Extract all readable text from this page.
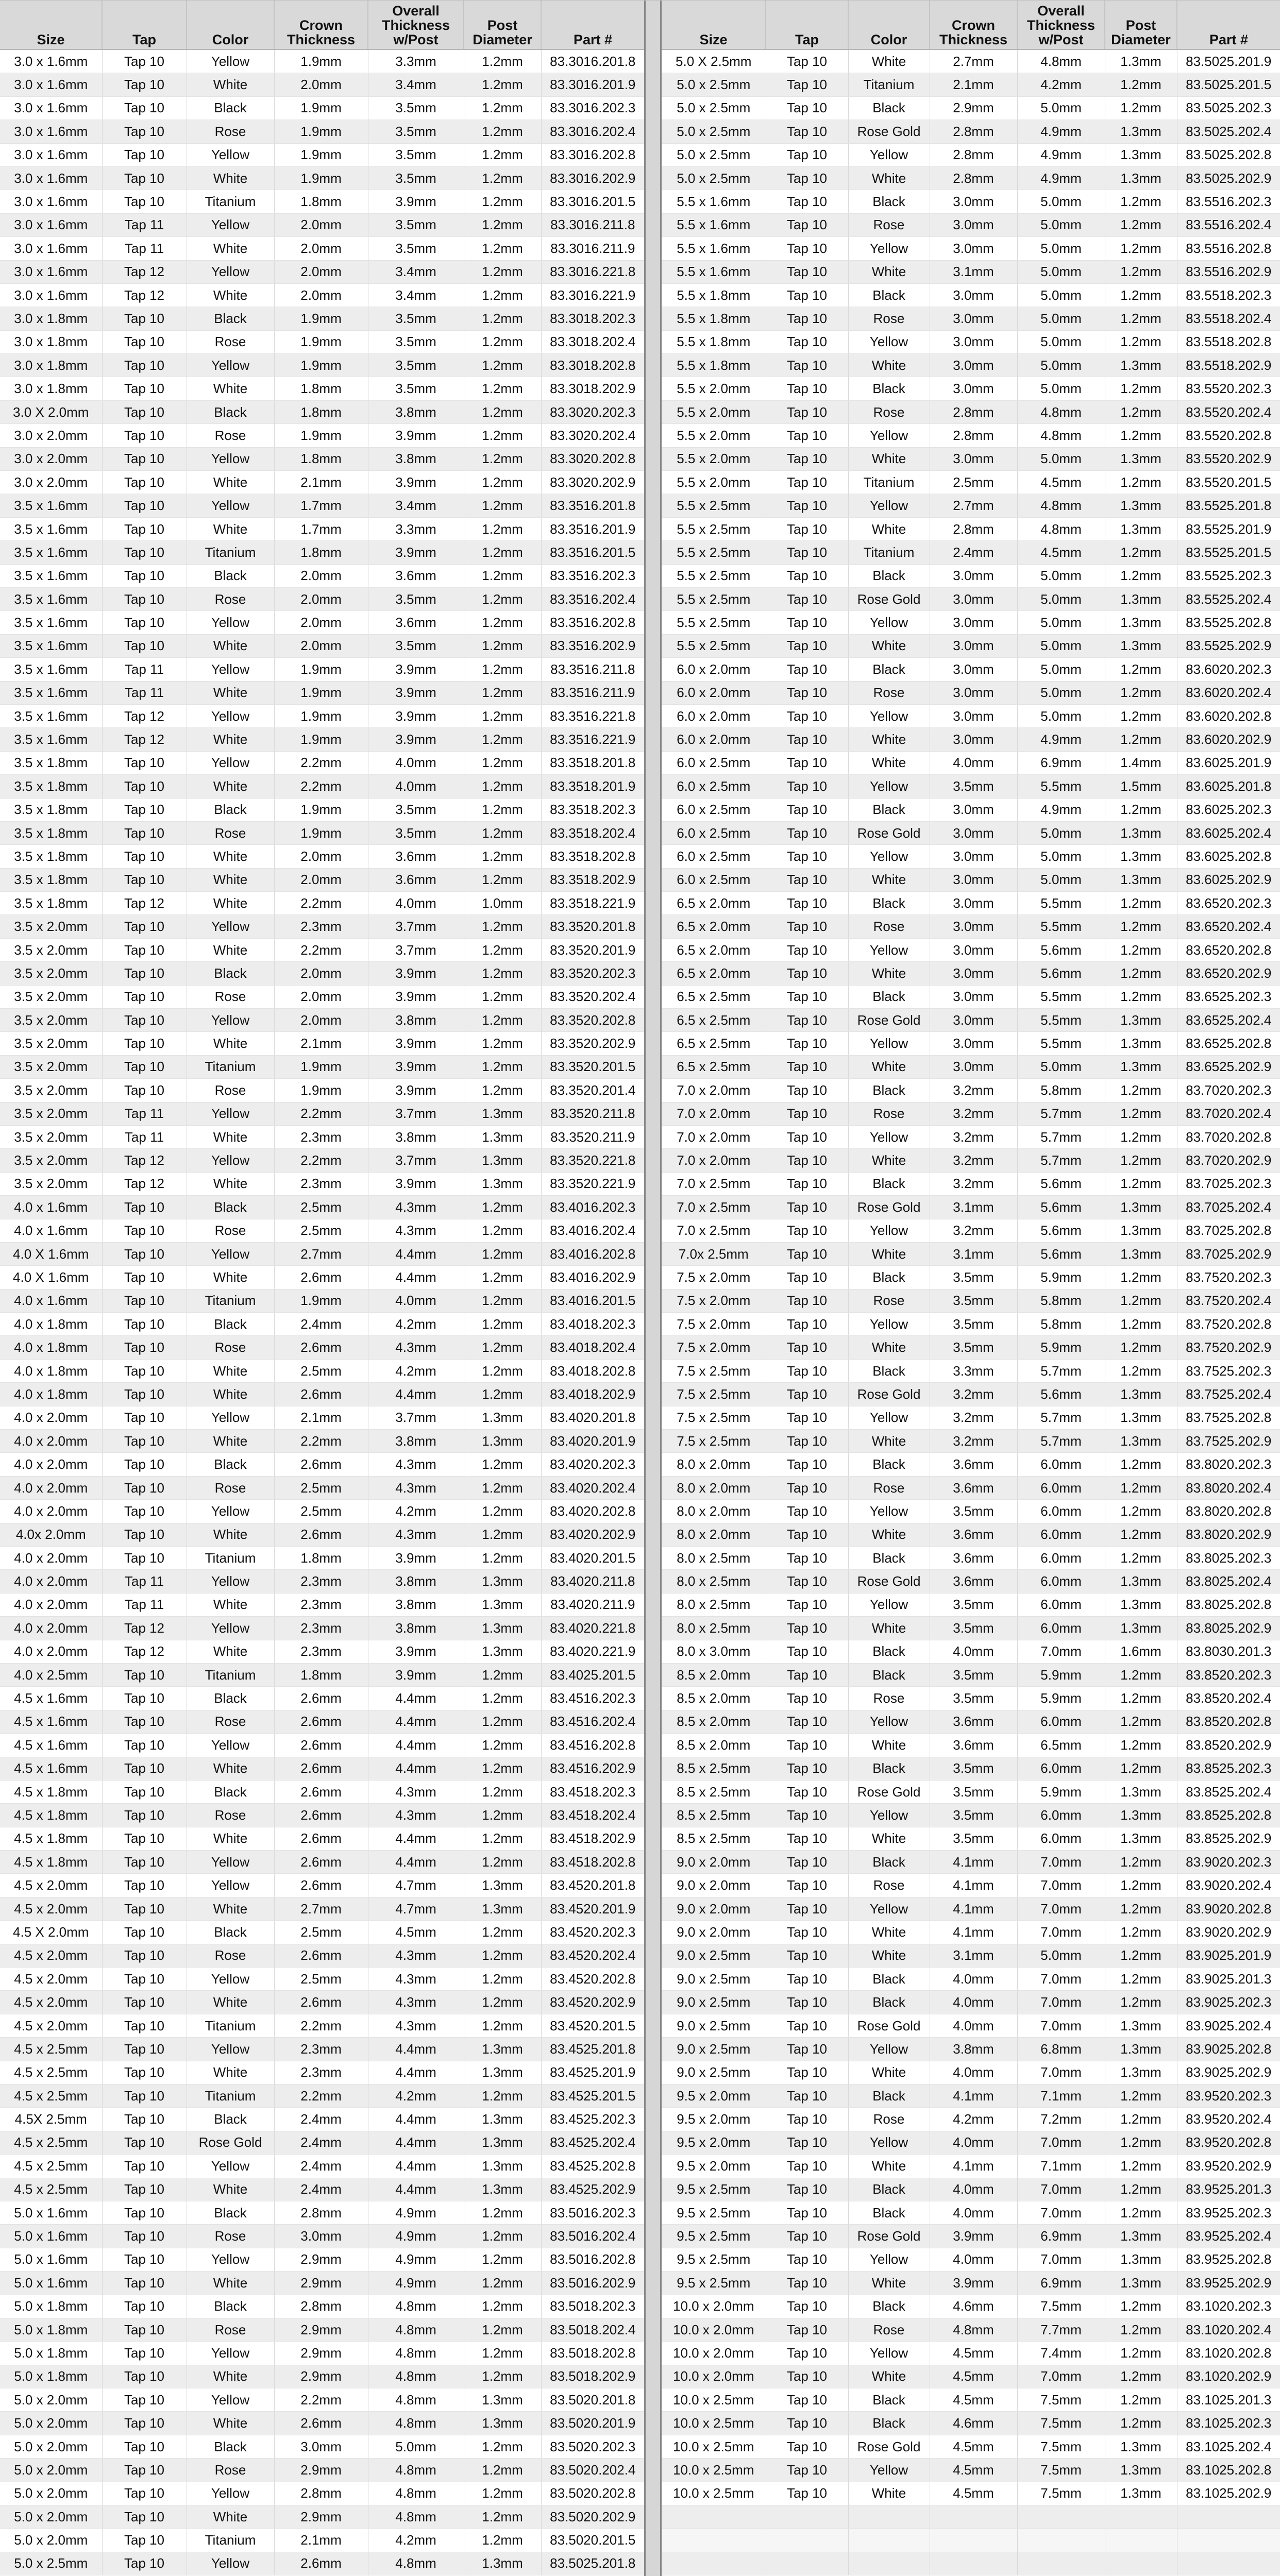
Size	Tap	Color	Crown Thickness	Overall Thickness w/Post	Post Diameter	Part #
3.0 x 1.6mm	Tap 10	Yellow	1.9mm	3.3mm	1.2mm	83.3016.201.8
3.0 x 1.6mm	Tap 10	White	2.0mm	3.4mm	1.2mm	83.3016.201.9
3.0 x 1.6mm	Tap 10	Black	1.9mm	3.5mm	1.2mm	83.3016.202.3
3.0 x 1.6mm	Tap 10	Rose	1.9mm	3.5mm	1.2mm	83.3016.202.4
3.0 x 1.6mm	Tap 10	Yellow	1.9mm	3.5mm	1.2mm	83.3016.202.8
3.0 x 1.6mm	Tap 10	White	1.9mm	3.5mm	1.2mm	83.3016.202.9
3.0 x 1.6mm	Tap 10	Titanium	1.8mm	3.9mm	1.2mm	83.3016.201.5
3.0 x 1.6mm	Tap 11	Yellow	2.0mm	3.5mm	1.2mm	83.3016.211.8
3.0 x 1.6mm	Tap 11	White	2.0mm	3.5mm	1.2mm	83.3016.211.9
3.0 x 1.6mm	Tap 12	Yellow	2.0mm	3.4mm	1.2mm	83.3016.221.8
3.0 x 1.6mm	Tap 12	White	2.0mm	3.4mm	1.2mm	83.3016.221.9
3.0 x 1.8mm	Tap 10	Black	1.9mm	3.5mm	1.2mm	83.3018.202.3
3.0 x 1.8mm	Tap 10	Rose	1.9mm	3.5mm	1.2mm	83.3018.202.4
3.0 x 1.8mm	Tap 10	Yellow	1.9mm	3.5mm	1.2mm	83.3018.202.8
3.0 x 1.8mm	Tap 10	White	1.8mm	3.5mm	1.2mm	83.3018.202.9
3.0 X 2.0mm	Tap 10	Black	1.8mm	3.8mm	1.2mm	83.3020.202.3
3.0 x 2.0mm	Tap 10	Rose	1.9mm	3.9mm	1.2mm	83.3020.202.4
3.0 x 2.0mm	Tap 10	Yellow	1.8mm	3.8mm	1.2mm	83.3020.202.8
3.0 x 2.0mm	Tap 10	White	2.1mm	3.9mm	1.2mm	83.3020.202.9
3.5 x 1.6mm	Tap 10	Yellow	1.7mm	3.4mm	1.2mm	83.3516.201.8
3.5 x 1.6mm	Tap 10	White	1.7mm	3.3mm	1.2mm	83.3516.201.9
3.5 x 1.6mm	Tap 10	Titanium	1.8mm	3.9mm	1.2mm	83.3516.201.5
3.5 x 1.6mm	Tap 10	Black	2.0mm	3.6mm	1.2mm	83.3516.202.3
3.5 x 1.6mm	Tap 10	Rose	2.0mm	3.5mm	1.2mm	83.3516.202.4
3.5 x 1.6mm	Tap 10	Yellow	2.0mm	3.6mm	1.2mm	83.3516.202.8
3.5 x 1.6mm	Tap 10	White	2.0mm	3.5mm	1.2mm	83.3516.202.9
3.5 x 1.6mm	Tap 11	Yellow	1.9mm	3.9mm	1.2mm	83.3516.211.8
3.5 x 1.6mm	Tap 11	White	1.9mm	3.9mm	1.2mm	83.3516.211.9
3.5 x 1.6mm	Tap 12	Yellow	1.9mm	3.9mm	1.2mm	83.3516.221.8
3.5 x 1.6mm	Tap 12	White	1.9mm	3.9mm	1.2mm	83.3516.221.9
3.5 x 1.8mm	Tap 10	Yellow	2.2mm	4.0mm	1.2mm	83.3518.201.8
3.5 x 1.8mm	Tap 10	White	2.2mm	4.0mm	1.2mm	83.3518.201.9
3.5 x 1.8mm	Tap 10	Black	1.9mm	3.5mm	1.2mm	83.3518.202.3
3.5 x 1.8mm	Tap 10	Rose	1.9mm	3.5mm	1.2mm	83.3518.202.4
3.5 x 1.8mm	Tap 10	White	2.0mm	3.6mm	1.2mm	83.3518.202.8
3.5 x 1.8mm	Tap 10	White	2.0mm	3.6mm	1.2mm	83.3518.202.9
3.5 x 1.8mm	Tap 12	White	2.2mm	4.0mm	1.0mm	83.3518.221.9
3.5 x 2.0mm	Tap 10	Yellow	2.3mm	3.7mm	1.2mm	83.3520.201.8
3.5 x 2.0mm	Tap 10	White	2.2mm	3.7mm	1.2mm	83.3520.201.9
3.5 x 2.0mm	Tap 10	Black	2.0mm	3.9mm	1.2mm	83.3520.202.3
3.5 x 2.0mm	Tap 10	Rose	2.0mm	3.9mm	1.2mm	83.3520.202.4
3.5 x 2.0mm	Tap 10	Yellow	2.0mm	3.8mm	1.2mm	83.3520.202.8
3.5 x 2.0mm	Tap 10	White	2.1mm	3.9mm	1.2mm	83.3520.202.9
3.5 x 2.0mm	Tap 10	Titanium	1.9mm	3.9mm	1.2mm	83.3520.201.5
3.5 x 2.0mm	Tap 10	Rose	1.9mm	3.9mm	1.2mm	83.3520.201.4
3.5 x 2.0mm	Tap 11	Yellow	2.2mm	3.7mm	1.3mm	83.3520.211.8
3.5 x 2.0mm	Tap 11	White	2.3mm	3.8mm	1.3mm	83.3520.211.9
3.5 x 2.0mm	Tap 12	Yellow	2.2mm	3.7mm	1.3mm	83.3520.221.8
3.5 x 2.0mm	Tap 12	White	2.3mm	3.9mm	1.3mm	83.3520.221.9
4.0 x 1.6mm	Tap 10	Black	2.5mm	4.3mm	1.2mm	83.4016.202.3
4.0 x 1.6mm	Tap 10	Rose	2.5mm	4.3mm	1.2mm	83.4016.202.4
4.0 X 1.6mm	Tap 10	Yellow	2.7mm	4.4mm	1.2mm	83.4016.202.8
4.0 X 1.6mm	Tap 10	White	2.6mm	4.4mm	1.2mm	83.4016.202.9
4.0 x 1.6mm	Tap 10	Titanium	1.9mm	4.0mm	1.2mm	83.4016.201.5
4.0 x 1.8mm	Tap 10	Black	2.4mm	4.2mm	1.2mm	83.4018.202.3
4.0 x 1.8mm	Tap 10	Rose	2.6mm	4.3mm	1.2mm	83.4018.202.4
4.0 x 1.8mm	Tap 10	White	2.5mm	4.2mm	1.2mm	83.4018.202.8
4.0 x 1.8mm	Tap 10	White	2.6mm	4.4mm	1.2mm	83.4018.202.9
4.0 x 2.0mm	Tap 10	Yellow	2.1mm	3.7mm	1.3mm	83.4020.201.8
4.0 x 2.0mm	Tap 10	White	2.2mm	3.8mm	1.3mm	83.4020.201.9
4.0 x 2.0mm	Tap 10	Black	2.6mm	4.3mm	1.2mm	83.4020.202.3
4.0 x 2.0mm	Tap 10	Rose	2.5mm	4.3mm	1.2mm	83.4020.202.4
4.0 x 2.0mm	Tap 10	Yellow	2.5mm	4.2mm	1.2mm	83.4020.202.8
4.0x 2.0mm	Tap 10	White	2.6mm	4.3mm	1.2mm	83.4020.202.9
4.0 x 2.0mm	Tap 10	Titanium	1.8mm	3.9mm	1.2mm	83.4020.201.5
4.0 x 2.0mm	Tap 11	Yellow	2.3mm	3.8mm	1.3mm	83.4020.211.8
4.0 x 2.0mm	Tap 11	White	2.3mm	3.8mm	1.3mm	83.4020.211.9
4.0 x 2.0mm	Tap 12	Yellow	2.3mm	3.8mm	1.3mm	83.4020.221.8
4.0 x 2.0mm	Tap 12	White	2.3mm	3.9mm	1.3mm	83.4020.221.9
4.0 x 2.5mm	Tap 10	Titanium	1.8mm	3.9mm	1.2mm	83.4025.201.5
4.5 x 1.6mm	Tap 10	Black	2.6mm	4.4mm	1.2mm	83.4516.202.3
4.5 x 1.6mm	Tap 10	Rose	2.6mm	4.4mm	1.2mm	83.4516.202.4
4.5 x 1.6mm	Tap 10	Yellow	2.6mm	4.4mm	1.2mm	83.4516.202.8
4.5 x 1.6mm	Tap 10	White	2.6mm	4.4mm	1.2mm	83.4516.202.9
4.5 x 1.8mm	Tap 10	Black	2.6mm	4.3mm	1.2mm	83.4518.202.3
4.5 x 1.8mm	Tap 10	Rose	2.6mm	4.3mm	1.2mm	83.4518.202.4
4.5 x 1.8mm	Tap 10	White	2.6mm	4.4mm	1.2mm	83.4518.202.9
4.5 x 1.8mm	Tap 10	Yellow	2.6mm	4.4mm	1.2mm	83.4518.202.8
4.5 x 2.0mm	Tap 10	Yellow	2.6mm	4.7mm	1.3mm	83.4520.201.8
4.5 x 2.0mm	Tap 10	White	2.7mm	4.7mm	1.3mm	83.4520.201.9
4.5 X 2.0mm	Tap 10	Black	2.5mm	4.5mm	1.2mm	83.4520.202.3
4.5 x 2.0mm	Tap 10	Rose	2.6mm	4.3mm	1.2mm	83.4520.202.4
4.5 x 2.0mm	Tap 10	Yellow	2.5mm	4.3mm	1.2mm	83.4520.202.8
4.5 x 2.0mm	Tap 10	White	2.6mm	4.3mm	1.2mm	83.4520.202.9
4.5 x 2.0mm	Tap 10	Titanium	2.2mm	4.3mm	1.2mm	83.4520.201.5
4.5 x 2.5mm	Tap 10	Yellow	2.3mm	4.4mm	1.3mm	83.4525.201.8
4.5 x 2.5mm	Tap 10	White	2.3mm	4.4mm	1.3mm	83.4525.201.9
4.5 x 2.5mm	Tap 10	Titanium	2.2mm	4.2mm	1.2mm	83.4525.201.5
4.5X 2.5mm	Tap 10	Black	2.4mm	4.4mm	1.3mm	83.4525.202.3
4.5 x 2.5mm	Tap 10	Rose Gold	2.4mm	4.4mm	1.3mm	83.4525.202.4
4.5 x 2.5mm	Tap 10	Yellow	2.4mm	4.4mm	1.3mm	83.4525.202.8
4.5 x 2.5mm	Tap 10	White	2.4mm	4.4mm	1.3mm	83.4525.202.9
5.0 x 1.6mm	Tap 10	Black	2.8mm	4.9mm	1.2mm	83.5016.202.3
5.0 x 1.6mm	Tap 10	Rose	3.0mm	4.9mm	1.2mm	83.5016.202.4
5.0 x 1.6mm	Tap 10	Yellow	2.9mm	4.9mm	1.2mm	83.5016.202.8
5.0 x 1.6mm	Tap 10	White	2.9mm	4.9mm	1.2mm	83.5016.202.9
5.0 x 1.8mm	Tap 10	Black	2.8mm	4.8mm	1.2mm	83.5018.202.3
5.0 x 1.8mm	Tap 10	Rose	2.9mm	4.8mm	1.2mm	83.5018.202.4
5.0 x 1.8mm	Tap 10	Yellow	2.9mm	4.8mm	1.2mm	83.5018.202.8
5.0 x 1.8mm	Tap 10	White	2.9mm	4.8mm	1.2mm	83.5018.202.9
5.0 x 2.0mm	Tap 10	Yellow	2.2mm	4.8mm	1.3mm	83.5020.201.8
5.0 x 2.0mm	Tap 10	White	2.6mm	4.8mm	1.3mm	83.5020.201.9
5.0 x 2.0mm	Tap 10	Black	3.0mm	5.0mm	1.2mm	83.5020.202.3
5.0 x 2.0mm	Tap 10	Rose	2.9mm	4.8mm	1.2mm	83.5020.202.4
5.0 x 2.0mm	Tap 10	Yellow	2.8mm	4.8mm	1.2mm	83.5020.202.8
5.0 x 2.0mm	Tap 10	White	2.9mm	4.8mm	1.2mm	83.5020.202.9
5.0 x 2.0mm	Tap 10	Titanium	2.1mm	4.2mm	1.2mm	83.5020.201.5
5.0 x 2.5mm	Tap 10	Yellow	2.6mm	4.8mm	1.3mm	83.5025.201.8
Size	Tap	Color	Crown Thickness	Overall Thickness w/Post	Post Diameter	Part #
5.0 X 2.5mm	Tap 10	White	2.7mm	4.8mm	1.3mm	83.5025.201.9
5.0 x 2.5mm	Tap 10	Titanium	2.1mm	4.2mm	1.2mm	83.5025.201.5
5.0 x 2.5mm	Tap 10	Black	2.9mm	5.0mm	1.2mm	83.5025.202.3
5.0 x 2.5mm	Tap 10	Rose Gold	2.8mm	4.9mm	1.3mm	83.5025.202.4
5.0 x 2.5mm	Tap 10	Yellow	2.8mm	4.9mm	1.3mm	83.5025.202.8
5.0 x 2.5mm	Tap 10	White	2.8mm	4.9mm	1.3mm	83.5025.202.9
5.5 x 1.6mm	Tap 10	Black	3.0mm	5.0mm	1.2mm	83.5516.202.3
5.5 x 1.6mm	Tap 10	Rose	3.0mm	5.0mm	1.2mm	83.5516.202.4
5.5 x 1.6mm	Tap 10	Yellow	3.0mm	5.0mm	1.2mm	83.5516.202.8
5.5 x 1.6mm	Tap 10	White	3.1mm	5.0mm	1.2mm	83.5516.202.9
5.5 x 1.8mm	Tap 10	Black	3.0mm	5.0mm	1.2mm	83.5518.202.3
5.5 x 1.8mm	Tap 10	Rose	3.0mm	5.0mm	1.2mm	83.5518.202.4
5.5 x 1.8mm	Tap 10	Yellow	3.0mm	5.0mm	1.2mm	83.5518.202.8
5.5 x 1.8mm	Tap 10	White	3.0mm	5.0mm	1.3mm	83.5518.202.9
5.5 x 2.0mm	Tap 10	Black	3.0mm	5.0mm	1.2mm	83.5520.202.3
5.5 x 2.0mm	Tap 10	Rose	2.8mm	4.8mm	1.2mm	83.5520.202.4
5.5 x 2.0mm	Tap 10	Yellow	2.8mm	4.8mm	1.2mm	83.5520.202.8
5.5 x 2.0mm	Tap 10	White	3.0mm	5.0mm	1.3mm	83.5520.202.9
5.5 x 2.0mm	Tap 10	Titanium	2.5mm	4.5mm	1.2mm	83.5520.201.5
5.5 x 2.5mm	Tap 10	Yellow	2.7mm	4.8mm	1.3mm	83.5525.201.8
5.5 x 2.5mm	Tap 10	White	2.8mm	4.8mm	1.3mm	83.5525.201.9
5.5 x 2.5mm	Tap 10	Titanium	2.4mm	4.5mm	1.2mm	83.5525.201.5
5.5 x 2.5mm	Tap 10	Black	3.0mm	5.0mm	1.2mm	83.5525.202.3
5.5 x 2.5mm	Tap 10	Rose Gold	3.0mm	5.0mm	1.3mm	83.5525.202.4
5.5 x 2.5mm	Tap 10	Yellow	3.0mm	5.0mm	1.3mm	83.5525.202.8
5.5 x 2.5mm	Tap 10	White	3.0mm	5.0mm	1.3mm	83.5525.202.9
6.0 x 2.0mm	Tap 10	Black	3.0mm	5.0mm	1.2mm	83.6020.202.3
6.0 x 2.0mm	Tap 10	Rose	3.0mm	5.0mm	1.2mm	83.6020.202.4
6.0 x 2.0mm	Tap 10	Yellow	3.0mm	5.0mm	1.2mm	83.6020.202.8
6.0 x 2.0mm	Tap 10	White	3.0mm	4.9mm	1.2mm	83.6020.202.9
6.0 x 2.5mm	Tap 10	White	4.0mm	6.9mm	1.4mm	83.6025.201.9
6.0 x 2.5mm	Tap 10	Yellow	3.5mm	5.5mm	1.5mm	83.6025.201.8
6.0 x 2.5mm	Tap 10	Black	3.0mm	4.9mm	1.2mm	83.6025.202.3
6.0 x 2.5mm	Tap 10	Rose Gold	3.0mm	5.0mm	1.3mm	83.6025.202.4
6.0 x 2.5mm	Tap 10	Yellow	3.0mm	5.0mm	1.3mm	83.6025.202.8
6.0 x 2.5mm	Tap 10	White	3.0mm	5.0mm	1.3mm	83.6025.202.9
6.5 x 2.0mm	Tap 10	Black	3.0mm	5.5mm	1.2mm	83.6520.202.3
6.5 x 2.0mm	Tap 10	Rose	3.0mm	5.5mm	1.2mm	83.6520.202.4
6.5 x 2.0mm	Tap 10	Yellow	3.0mm	5.6mm	1.2mm	83.6520.202.8
6.5 x 2.0mm	Tap 10	White	3.0mm	5.6mm	1.2mm	83.6520.202.9
6.5 x 2.5mm	Tap 10	Black	3.0mm	5.5mm	1.2mm	83.6525.202.3
6.5 x 2.5mm	Tap 10	Rose Gold	3.0mm	5.5mm	1.3mm	83.6525.202.4
6.5 x 2.5mm	Tap 10	Yellow	3.0mm	5.5mm	1.3mm	83.6525.202.8
6.5 x 2.5mm	Tap 10	White	3.0mm	5.0mm	1.3mm	83.6525.202.9
7.0 x 2.0mm	Tap 10	Black	3.2mm	5.8mm	1.2mm	83.7020.202.3
7.0 x 2.0mm	Tap 10	Rose	3.2mm	5.7mm	1.2mm	83.7020.202.4
7.0 x 2.0mm	Tap 10	Yellow	3.2mm	5.7mm	1.2mm	83.7020.202.8
7.0 x 2.0mm	Tap 10	White	3.2mm	5.7mm	1.2mm	83.7020.202.9
7.0 x 2.5mm	Tap 10	Black	3.2mm	5.6mm	1.2mm	83.7025.202.3
7.0 x 2.5mm	Tap 10	Rose Gold	3.1mm	5.6mm	1.3mm	83.7025.202.4
7.0 x 2.5mm	Tap 10	Yellow	3.2mm	5.6mm	1.3mm	83.7025.202.8
7.0x 2.5mm	Tap 10	White	3.1mm	5.6mm	1.3mm	83.7025.202.9
7.5 x 2.0mm	Tap 10	Black	3.5mm	5.9mm	1.2mm	83.7520.202.3
7.5 x 2.0mm	Tap 10	Rose	3.5mm	5.8mm	1.2mm	83.7520.202.4
7.5 x 2.0mm	Tap 10	Yellow	3.5mm	5.8mm	1.2mm	83.7520.202.8
7.5 x 2.0mm	Tap 10	White	3.5mm	5.9mm	1.2mm	83.7520.202.9
7.5 x 2.5mm	Tap 10	Black	3.3mm	5.7mm	1.2mm	83.7525.202.3
7.5 x 2.5mm	Tap 10	Rose Gold	3.2mm	5.6mm	1.3mm	83.7525.202.4
7.5 x 2.5mm	Tap 10	Yellow	3.2mm	5.7mm	1.3mm	83.7525.202.8
7.5 x 2.5mm	Tap 10	White	3.2mm	5.7mm	1.3mm	83.7525.202.9
8.0 x 2.0mm	Tap 10	Black	3.6mm	6.0mm	1.2mm	83.8020.202.3
8.0 x 2.0mm	Tap 10	Rose	3.6mm	6.0mm	1.2mm	83.8020.202.4
8.0 x 2.0mm	Tap 10	Yellow	3.5mm	6.0mm	1.2mm	83.8020.202.8
8.0 x 2.0mm	Tap 10	White	3.6mm	6.0mm	1.2mm	83.8020.202.9
8.0 x 2.5mm	Tap 10	Black	3.6mm	6.0mm	1.2mm	83.8025.202.3
8.0 x 2.5mm	Tap 10	Rose Gold	3.6mm	6.0mm	1.3mm	83.8025.202.4
8.0 x 2.5mm	Tap 10	Yellow	3.5mm	6.0mm	1.3mm	83.8025.202.8
8.0 x 2.5mm	Tap 10	White	3.5mm	6.0mm	1.3mm	83.8025.202.9
8.0 x 3.0mm	Tap 10	Black	4.0mm	7.0mm	1.6mm	83.8030.201.3
8.5 x 2.0mm	Tap 10	Black	3.5mm	5.9mm	1.2mm	83.8520.202.3
8.5 x 2.0mm	Tap 10	Rose	3.5mm	5.9mm	1.2mm	83.8520.202.4
8.5 x 2.0mm	Tap 10	Yellow	3.6mm	6.0mm	1.2mm	83.8520.202.8
8.5 x 2.0mm	Tap 10	White	3.6mm	6.5mm	1.2mm	83.8520.202.9
8.5 x 2.5mm	Tap 10	Black	3.5mm	6.0mm	1.2mm	83.8525.202.3
8.5 x 2.5mm	Tap 10	Rose Gold	3.5mm	5.9mm	1.3mm	83.8525.202.4
8.5 x 2.5mm	Tap 10	Yellow	3.5mm	6.0mm	1.3mm	83.8525.202.8
8.5 x 2.5mm	Tap 10	White	3.5mm	6.0mm	1.3mm	83.8525.202.9
9.0 x 2.0mm	Tap 10	Black	4.1mm	7.0mm	1.2mm	83.9020.202.3
9.0 x 2.0mm	Tap 10	Rose	4.1mm	7.0mm	1.2mm	83.9020.202.4
9.0 x 2.0mm	Tap 10	Yellow	4.1mm	7.0mm	1.2mm	83.9020.202.8
9.0 x 2.0mm	Tap 10	White	4.1mm	7.0mm	1.2mm	83.9020.202.9
9.0 x 2.5mm	Tap 10	White	3.1mm	5.0mm	1.2mm	83.9025.201.9
9.0 x 2.5mm	Tap 10	Black	4.0mm	7.0mm	1.2mm	83.9025.201.3
9.0 x 2.5mm	Tap 10	Black	4.0mm	7.0mm	1.2mm	83.9025.202.3
9.0 x 2.5mm	Tap 10	Rose Gold	4.0mm	7.0mm	1.3mm	83.9025.202.4
9.0 x 2.5mm	Tap 10	Yellow	3.8mm	6.8mm	1.3mm	83.9025.202.8
9.0 x 2.5mm	Tap 10	White	4.0mm	7.0mm	1.3mm	83.9025.202.9
9.5 x 2.0mm	Tap 10	Black	4.1mm	7.1mm	1.2mm	83.9520.202.3
9.5 x 2.0mm	Tap 10	Rose	4.2mm	7.2mm	1.2mm	83.9520.202.4
9.5 x 2.0mm	Tap 10	Yellow	4.0mm	7.0mm	1.2mm	83.9520.202.8
9.5 x 2.0mm	Tap 10	White	4.1mm	7.1mm	1.2mm	83.9520.202.9
9.5 x 2.5mm	Tap 10	Black	4.0mm	7.0mm	1.2mm	83.9525.201.3
9.5 x 2.5mm	Tap 10	Black	4.0mm	7.0mm	1.2mm	83.9525.202.3
9.5 x 2.5mm	Tap 10	Rose Gold	3.9mm	6.9mm	1.3mm	83.9525.202.4
9.5 x 2.5mm	Tap 10	Yellow	4.0mm	7.0mm	1.3mm	83.9525.202.8
9.5 x 2.5mm	Tap 10	White	3.9mm	6.9mm	1.3mm	83.9525.202.9
10.0 x 2.0mm	Tap 10	Black	4.6mm	7.5mm	1.2mm	83.1020.202.3
10.0 x 2.0mm	Tap 10	Rose	4.8mm	7.7mm	1.2mm	83.1020.202.4
10.0 x 2.0mm	Tap 10	Yellow	4.5mm	7.4mm	1.2mm	83.1020.202.8
10.0 x 2.0mm	Tap 10	White	4.5mm	7.0mm	1.2mm	83.1020.202.9
10.0 x 2.5mm	Tap 10	Black	4.5mm	7.5mm	1.2mm	83.1025.201.3
10.0 x 2.5mm	Tap 10	Black	4.6mm	7.5mm	1.2mm	83.1025.202.3
10.0 x 2.5mm	Tap 10	Rose Gold	4.5mm	7.5mm	1.3mm	83.1025.202.4
10.0 x 2.5mm	Tap 10	Yellow	4.5mm	7.5mm	1.3mm	83.1025.202.8
10.0 x 2.5mm	Tap 10	White	4.5mm	7.5mm	1.3mm	83.1025.202.9
